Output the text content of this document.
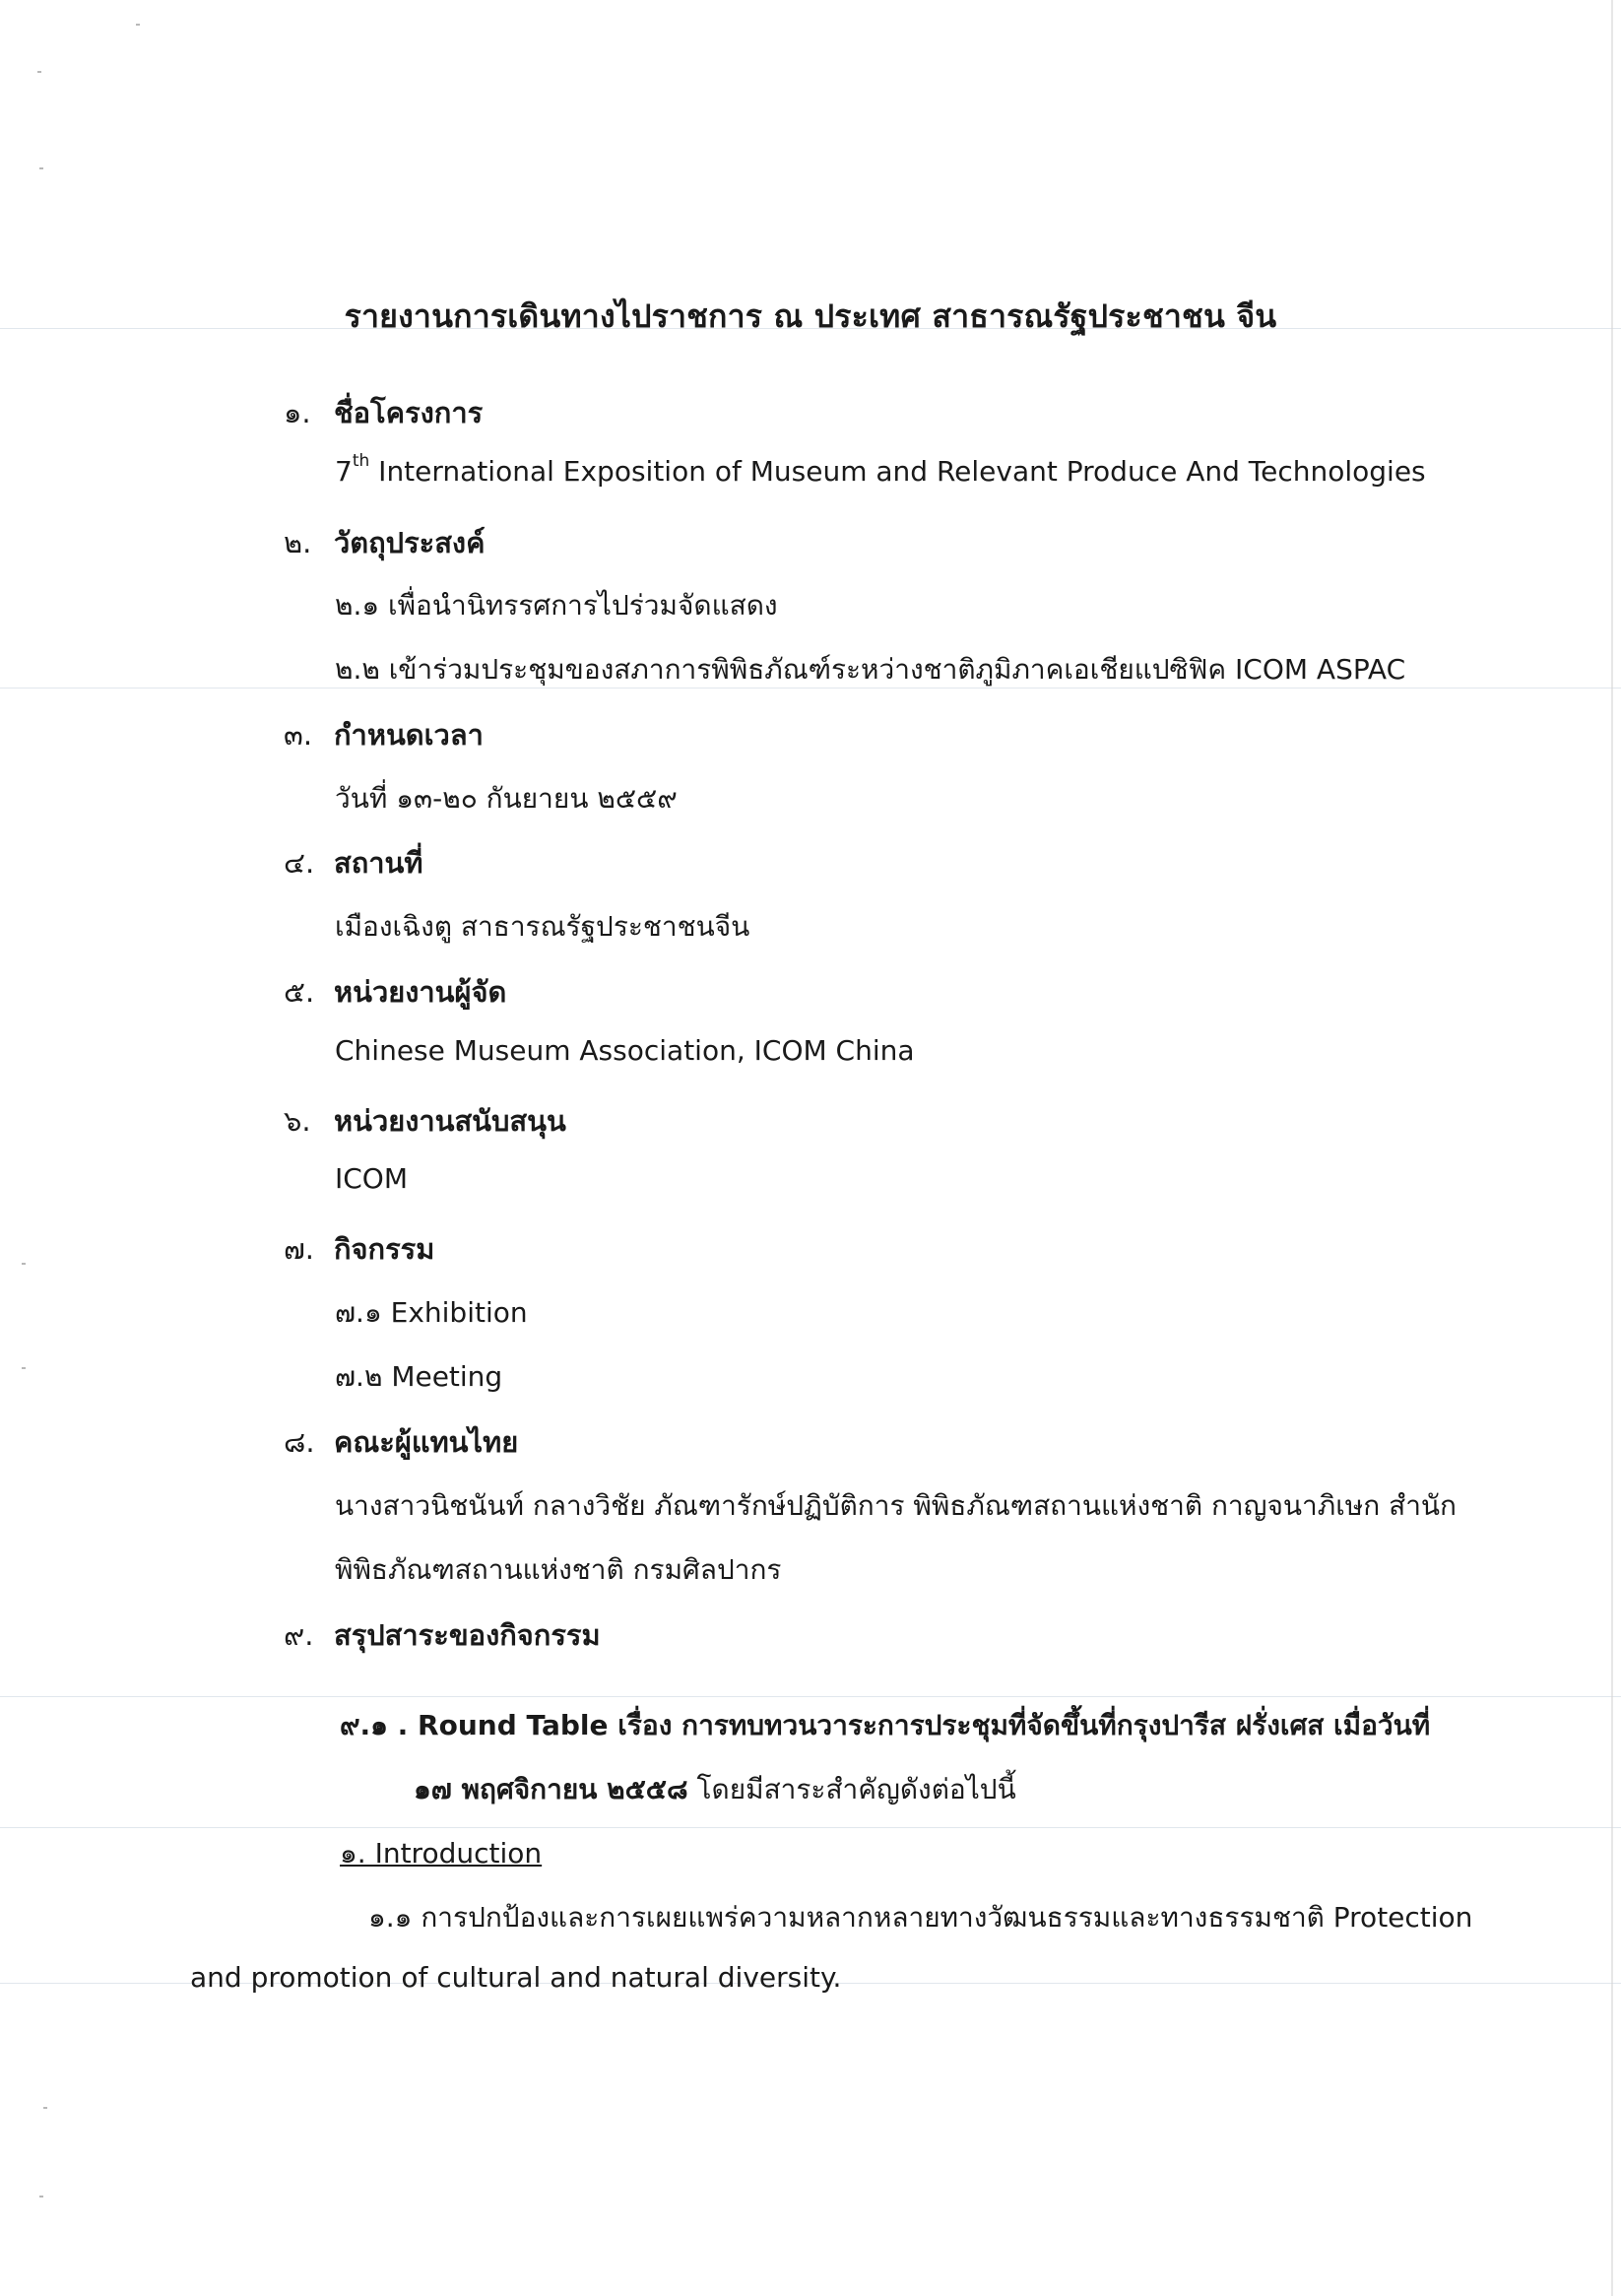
รายงานการเดินทางไปราชการ ณ ประเทศ สาธารณรัฐประชาชน จีน
๑. ชื่อโครงการ
7th International Exposition of Museum and Relevant Produce And Technologies
๒. วัตถุประสงค์
๒.๑ เพื่อนำนิทรรศการไปร่วมจัดแสดง
๒.๒ เข้าร่วมประชุมของสภาการพิพิธภัณฑ์ระหว่างชาติภูมิภาคเอเชียแปซิฟิค ICOM ASPAC
๓. กำหนดเวลา
วันที่ ๑๓-๒๐ กันยายน ๒๕๕๙
๔. สถานที่
เมืองเฉิงตู สาธารณรัฐประชาชนจีน
๕. หน่วยงานผู้จัด
Chinese Museum Association, ICOM China
๖. หน่วยงานสนับสนุน
ICOM
๗. กิจกรรม
๗.๑ Exhibition
๗.๒ Meeting
๘. คณะผู้แทนไทย
นางสาวนิชนันท์ กลางวิชัย ภัณฑารักษ์ปฏิบัติการ พิพิธภัณฑสถานแห่งชาติ กาญจนาภิเษก สำนัก
พิพิธภัณฑสถานแห่งชาติ กรมศิลปากร
๙. สรุปสาระของกิจกรรม
๙.๑ . Round Table เรื่อง การทบทวนวาระการประชุมที่จัดขึ้นที่กรุงปารีส ฝรั่งเศส เมื่อวันที่
๑๗ พฤศจิกายน ๒๕๕๘ โดยมีสาระสำคัญดังต่อไปนี้
๑. Introduction
๑.๑ การปกป้องและการเผยแพร่ความหลากหลายทางวัฒนธรรมและทางธรรมชาติ Protection
and promotion of cultural and natural diversity.
